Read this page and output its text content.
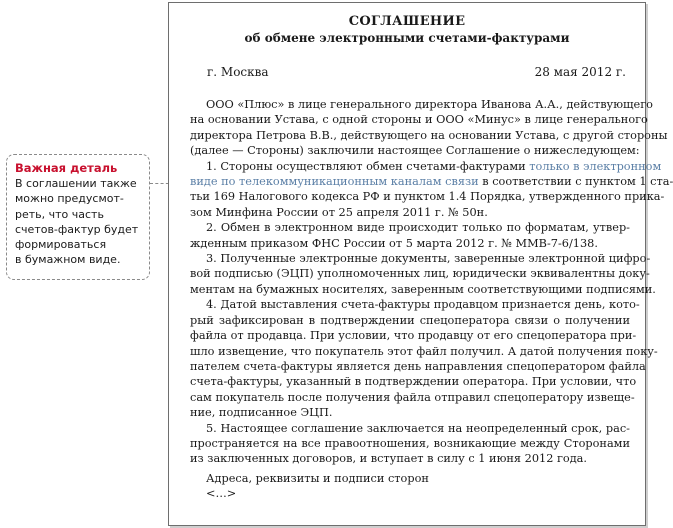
Важная деталь
В соглашении также
можно предусмот-
реть, что часть
счетов-фактур будет
формироваться
в бумажном виде.
СОГЛАШЕНИЕ
об обмене электронными счетами-фактурами
г. Москва	28 мая 2012 г.
ООО «Плюс» в лице генерального директора Иванова А.А., действующего
на основании Устава, с одной стороны и ООО «Минус» в лице генерального
директора Петрова В.В., действующего на основании Устава, с другой стороны
(далее — Стороны) заключили настоящее Соглашение о нижеследующем:
1. Стороны осуществляют обмен счетами-фактурами только в электронном
виде по телекоммуникационным каналам связи в соответствии с пунктом 1 ста-
тьи 169 Налогового кодекса РФ и пунктом 1.4 Порядка, утвержденного прика-
зом Минфина России от 25 апреля 2011 г. № 50н.
2. Обмен в электронном виде происходит только по форматам, утвер-
жденным приказом ФНС России от 5 марта 2012 г. № ММВ-7-6/138.
3. Полученные электронные документы, заверенные электронной цифро-
вой подписью (ЭЦП) уполномоченных лиц, юридически эквивалентны доку-
ментам на бумажных носителях, заверенным соответствующими подписями.
4. Датой выставления счета-фактуры продавцом признается день, кото-
рый зафиксирован в подтверждении спецоператора связи о получении
файла от продавца. При условии, что продавцу от его спецоператора при-
шло извещение, что покупатель этот файл получил. А датой получения поку-
пателем счета-фактуры является день направления спецоператором файла
счета-фактуры, указанный в подтверждении оператора. При условии, что
сам покупатель после получения файла отправил спецоператору извеще-
ние, подписанное ЭЦП.
5. Настоящее соглашение заключается на неопределенный срок, рас-
пространяется на все правоотношения, возникающие между Сторонами
из заключенных договоров, и вступает в силу с 1 июня 2012 года.
Адреса, реквизиты и подписи сторон
<…>
